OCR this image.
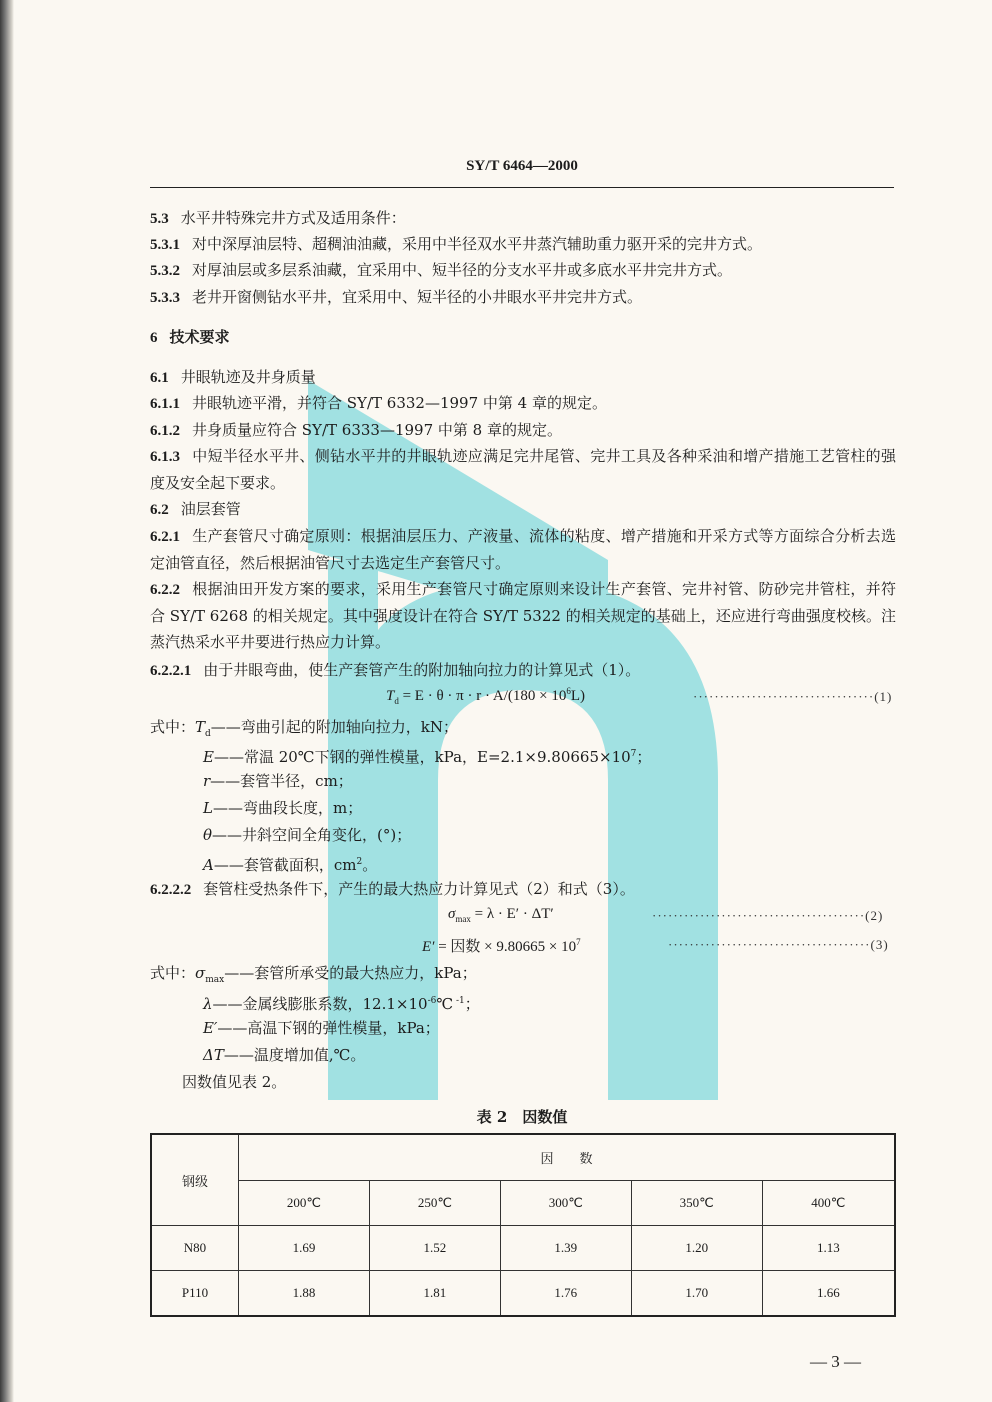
SY/T 6464—2000
5.3 水平井特殊完井方式及适用条件：
5.3.1 对中深厚油层特、超稠油油藏，采用中半径双水平井蒸汽辅助重力驱开采的完井方式。
5.3.2 对厚油层或多层系油藏，宜采用中、短半径的分支水平井或多底水平井完井方式。
5.3.3 老井开窗侧钻水平井，宜采用中、短半径的小井眼水平井完井方式。
6 技术要求
6.1 井眼轨迹及井身质量
6.1.1 井眼轨迹平滑，并符合 SY/T 6332—1997 中第 4 章的规定。
6.1.2 井身质量应符合 SY/T 6333—1997 中第 8 章的规定。
6.1.3 中短半径水平井、侧钻水平井的井眼轨迹应满足完井尾管、完井工具及各种采油和增产措施工艺管柱的强度及安全起下要求。
6.2 油层套管
6.2.1 生产套管尺寸确定原则：根据油层压力、产液量、流体的粘度、增产措施和开采方式等方面综合分析去选定油管直径，然后根据油管尺寸去选定生产套管尺寸。
6.2.2 根据油田开发方案的要求，采用生产套管尺寸确定原则来设计生产套管、完井衬管、防砂完井管柱，并符合 SY/T 6268 的相关规定。其中强度设计在符合 SY/T 5322 的相关规定的基础上，还应进行弯曲强度校核。注蒸汽热采水平井要进行热应力计算。
6.2.2.1 由于井眼弯曲，使生产套管产生的附加轴向拉力的计算见式（1）。
$T_d = E \cdot \theta \cdot \pi \cdot r \cdot A/(180 \times 10^6L)$	··································(1)
式中：$T_d——$弯曲引起的附加轴向拉力，kN；
E——常温 20℃下钢的弹性模量，kPa，$E=2.1\times 9.80665\times 10^7$；
r——套管半径，cm；
L——弯曲段长度，m；
θ——井斜空间全角变化，(°)；
A——套管截面积，$cm^2$。
6.2.2.2 套管柱受热条件下，产生的最大热应力计算见式（2）和式（3）。
$\sigma_{max} = \lambda \cdot E' \cdot \Delta T'$	········································(2)
E′ = 因数 × $9.80665 \times 10^7$	······································(3)
式中：$\sigma_{max}——$套管所承受的最大热应力，kPa；
λ——金属线膨胀系数，$12.1\times 10^{-6}℃$ $^{-1}$；
E′——高温下钢的弹性模量，kPa；
ΔT——温度增加值,℃。
因数值见表 2。
表 2　因数值
钢级	因　　数				
	200℃	250℃	300℃	350℃	400℃
N80	1.69	1.52	1.39	1.20	1.13
P110	1.88	1.81	1.76	1.70	1.66
— 3 —
